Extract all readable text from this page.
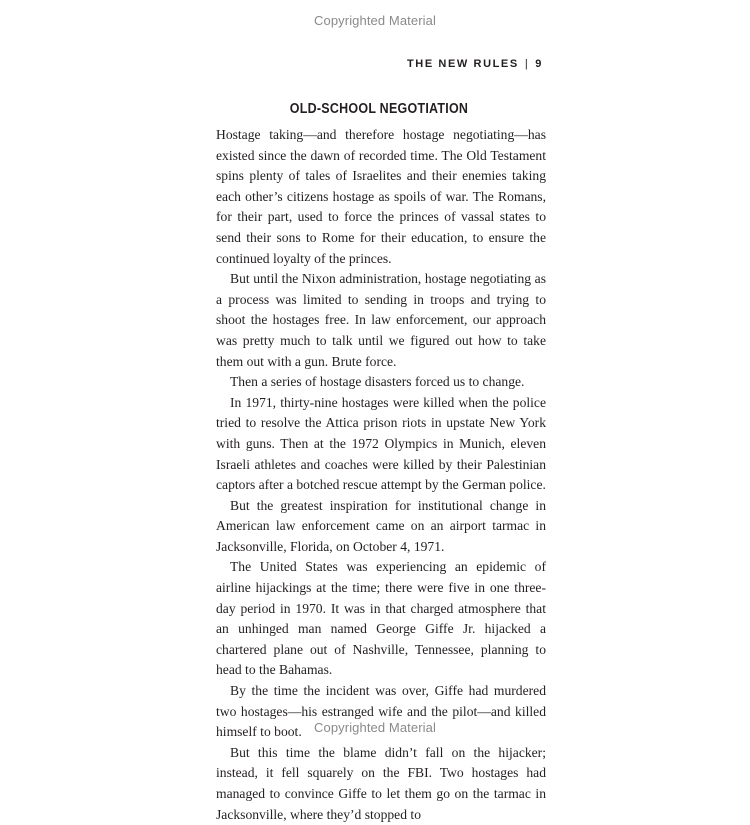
Copyrighted Material
THE NEW RULES | 9
OLD-SCHOOL NEGOTIATION

Hostage taking—and therefore hostage negotiating—has existed since the dawn of recorded time. The Old Testament spins plenty of tales of Israelites and their enemies taking each other’s citizens hostage as spoils of war. The Romans, for their part, used to force the princes of vassal states to send their sons to Rome for their education, to ensure the continued loyalty of the princes.

But until the Nixon administration, hostage negotiating as a process was limited to sending in troops and trying to shoot the hostages free. In law enforcement, our approach was pretty much to talk until we figured out how to take them out with a gun. Brute force.

Then a series of hostage disasters forced us to change.

In 1971, thirty-nine hostages were killed when the police tried to resolve the Attica prison riots in upstate New York with guns. Then at the 1972 Olympics in Munich, eleven Israeli athletes and coaches were killed by their Palestinian captors after a botched rescue attempt by the German police.

But the greatest inspiration for institutional change in American law enforcement came on an airport tarmac in Jacksonville, Florida, on October 4, 1971.

The United States was experiencing an epidemic of airline hijackings at the time; there were five in one three-day period in 1970. It was in that charged atmosphere that an unhinged man named George Giffe Jr. hijacked a chartered plane out of Nashville, Tennessee, planning to head to the Bahamas.

By the time the incident was over, Giffe had murdered two hostages—his estranged wife and the pilot—and killed himself to boot.

But this time the blame didn’t fall on the hijacker; instead, it fell squarely on the FBI. Two hostages had managed to convince Giffe to let them go on the tarmac in Jacksonville, where they’d stopped to

Copyrighted Material
